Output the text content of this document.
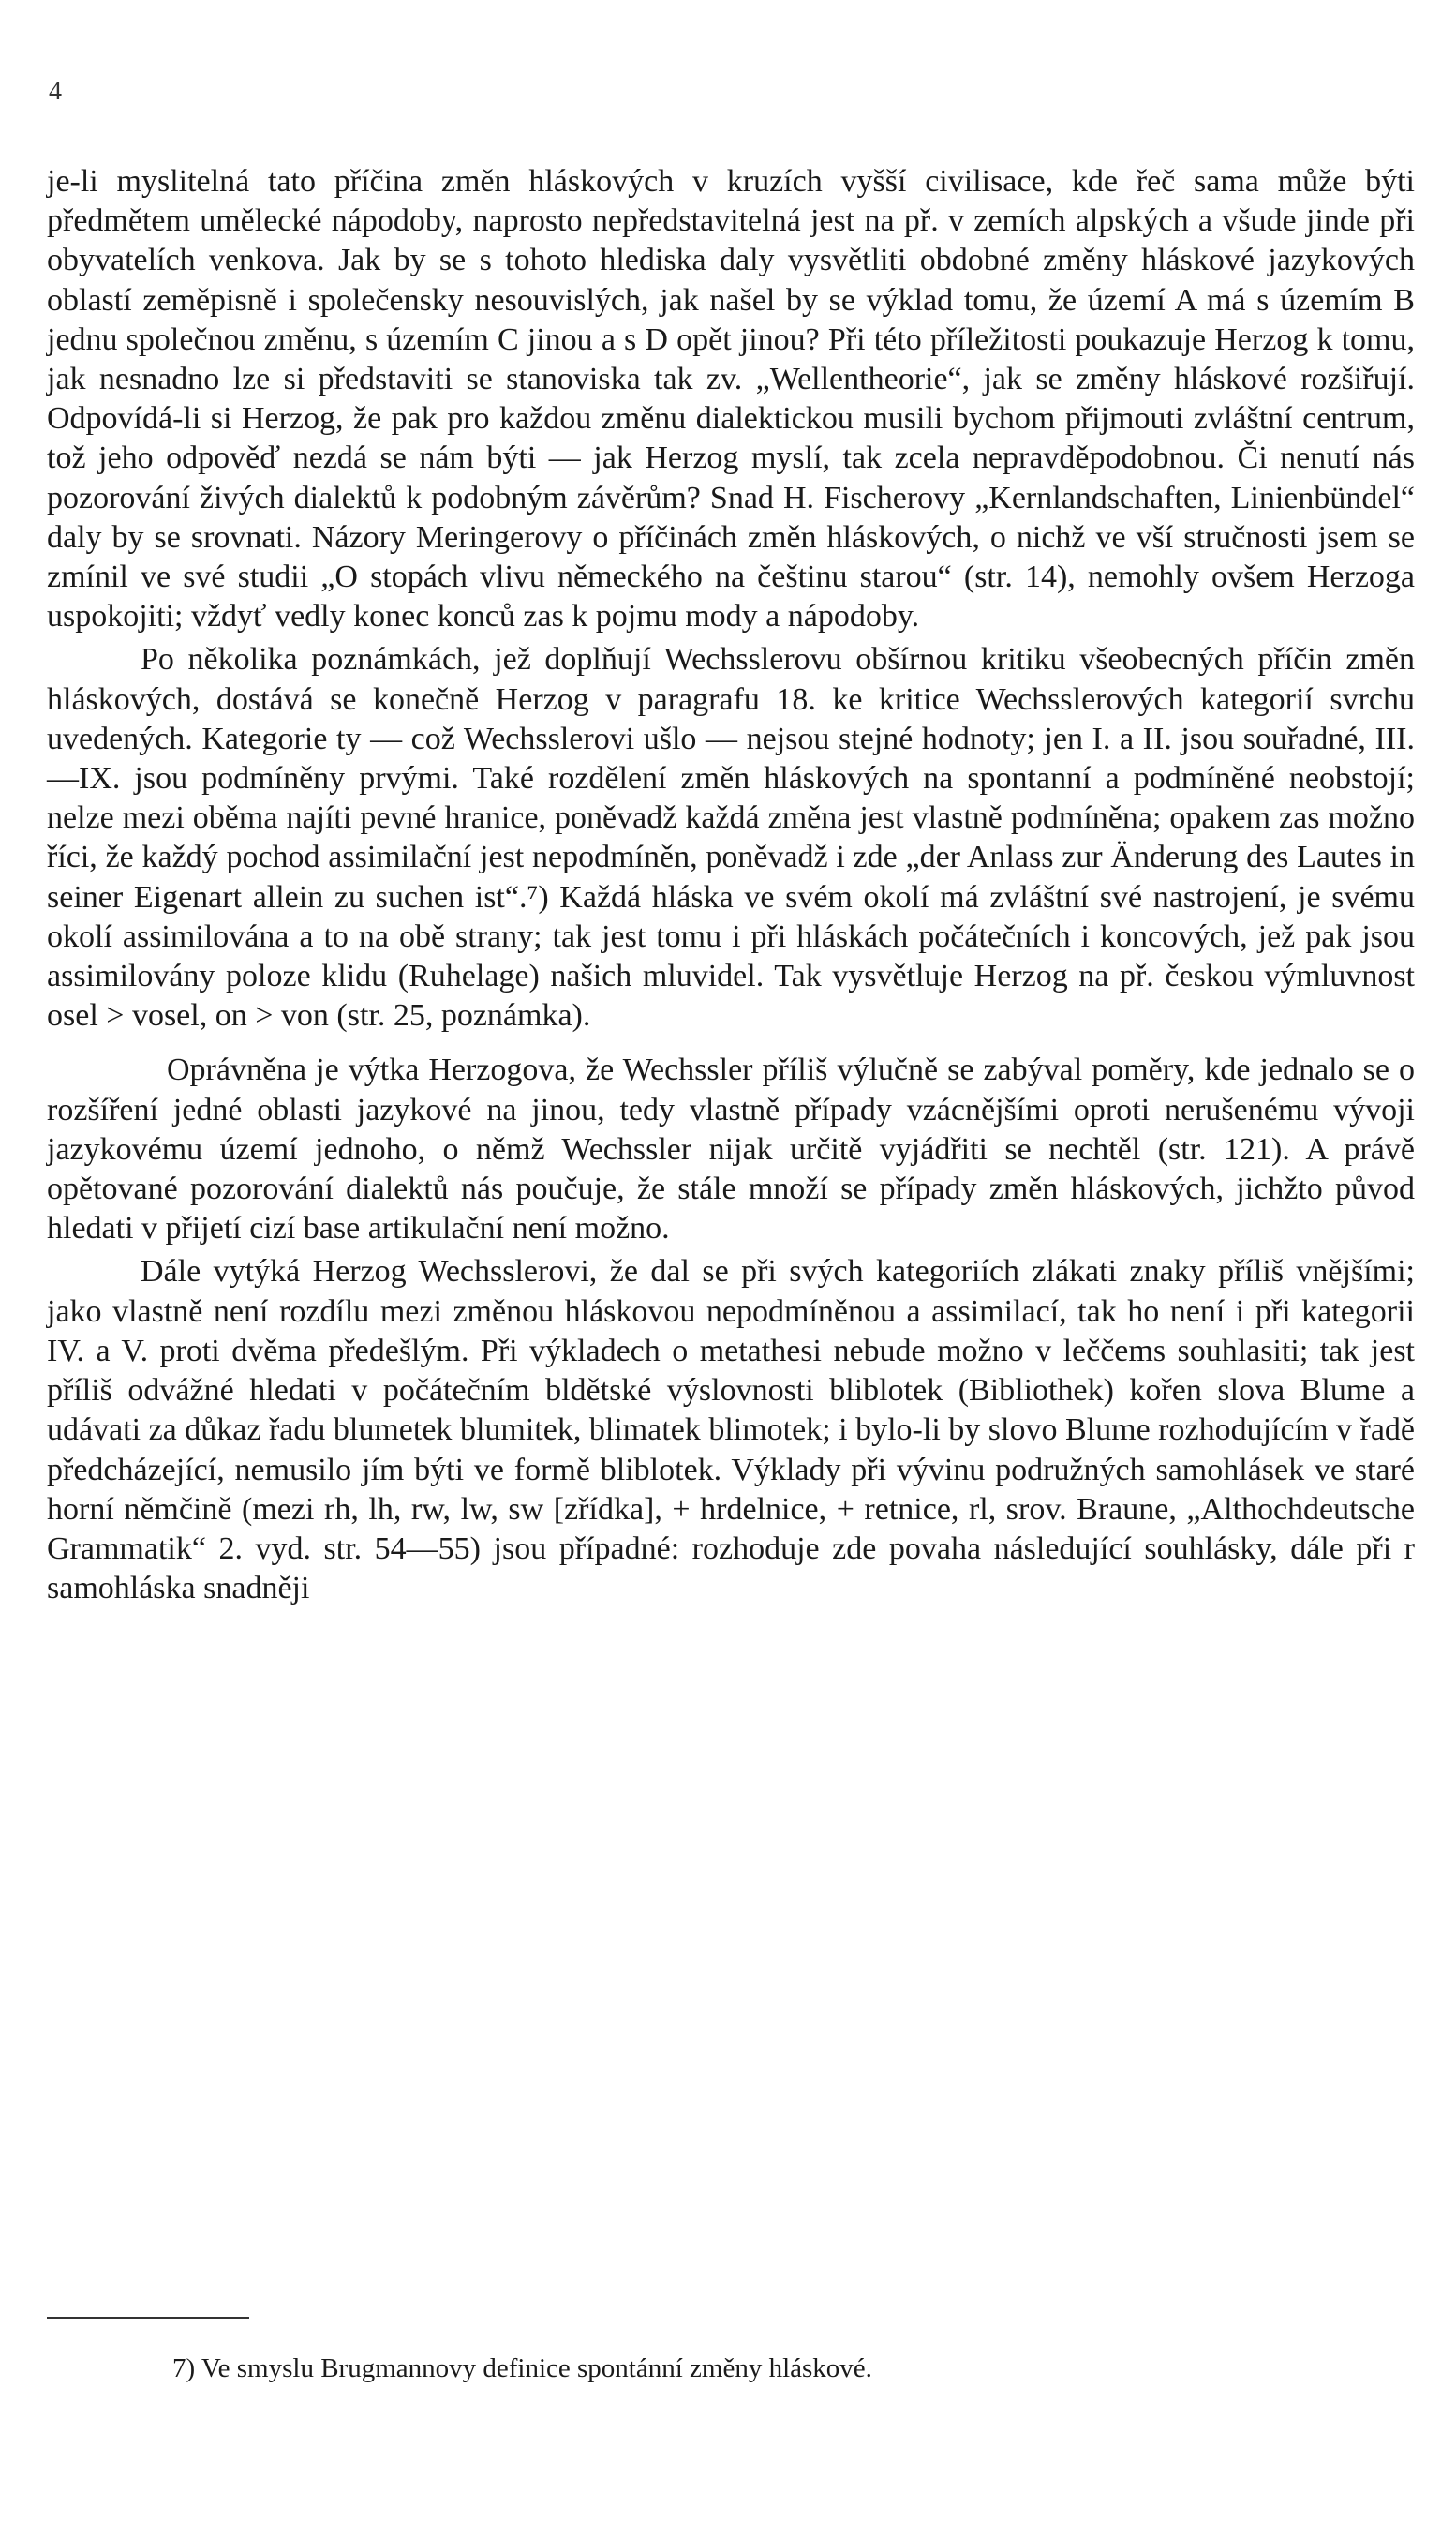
4

je-li myslitelná tato příčina změn hláskových v kruzích vyšší civilisace, kde řeč sama může býti předmětem umělecké nápodoby, naprosto nepředstavitelná jest na př. v zemích alpských a všude jinde při obyvatelích venkova. Jak by se s tohoto hlediska daly vysvětliti obdobné změny hláskové jazykových oblastí zeměpisně i společensky nesouvislých, jak našel by se výklad tomu, že území A má s územím B jednu společnou změnu, s územím C jinou a s D opět jinou? Při této příležitosti poukazuje Herzog k tomu, jak nesnadno lze si představiti se stanoviska tak zv. „Wellentheorie“, jak se změny hláskové rozšiřují. Odpovídá-li si Herzog, že pak pro každou změnu dialektickou musili bychom přijmouti zvláštní centrum, tož jeho odpověď nezdá se nám býti — jak Herzog myslí, tak zcela nepravděpodobnou. Či nenutí nás pozorování živých dialektů k podobným závěrům? Snad H. Fischerovy „Kernlandschaften, Linienbündel“ daly by se srovnati. Názory Meringerovy o příčinách změn hláskových, o nichž ve vší stručnosti jsem se zmínil ve své studii „O stopách vlivu německého na češtinu starou“ (str. 14), nemohly ovšem Herzoga uspokojiti; vždyť vedly konec konců zas k pojmu mody a nápodoby.

Po několika poznámkách, jež doplňují Wechsslerovu obšírnou kritiku všeobecných příčin změn hláskových, dostává se konečně Herzog v paragrafu 18. ke kritice Wechsslerových kategorií svrchu uvedených. Kategorie ty — což Wechsslerovi ušlo — nejsou stejné hodnoty; jen I. a II. jsou souřadné, III.—IX. jsou podmíněny prvými. Také rozdělení změn hláskových na spontanní a podmíněné neobstojí; nelze mezi oběma najíti pevné hranice, poněvadž každá změna jest vlastně podmíněna; opakem zas možno říci, že každý pochod assimilační jest nepodmíněn, poněvadž i zde „der Anlass zur Änderung des Lautes in seiner Eigenart allein zu suchen ist“.⁷) Každá hláska ve svém okolí má zvláštní své nastrojení, je svému okolí assimilována a to na obě strany; tak jest tomu i při hláskách počátečních i koncových, jež pak jsou assimilovány poloze klidu (Ruhelage) našich mluvidel. Tak vysvětluje Herzog na př. českou výmluvnost osel > vosel, on > von (str. 25, poznámka).

Oprávněna je výtka Herzogova, že Wechssler příliš výlučně se zabýval poměry, kde jednalo se o rozšíření jedné oblasti jazykové na jinou, tedy vlastně případy vzácnějšími oproti nerušenému vývoji jazykovému území jednoho, o němž Wechssler nijak určitě vyjádřiti se nechtěl (str. 121). A právě opětované pozorování dialektů nás poučuje, že stále množí se případy změn hláskových, jichžto původ hledati v přijetí cizí base artikulační není možno.

Dále vytýká Herzog Wechsslerovi, že dal se při svých kategoriích zlákati znaky příliš vnějšími; jako vlastně není rozdílu mezi změnou hláskovou nepodmíněnou a assimilací, tak ho není i při kategorii IV. a V. proti dvěma předešlým. Při výkladech o metathesi nebude možno v leččems souhlasiti; tak jest příliš odvážné hledati v počátečním bldětské výslovnosti bliblotek (Bibliothek) kořen slova Blume a udávati za důkaz řadu blumetek blumitek, blimatek blimotek; i bylo-li by slovo Blume rozhodujícím v řadě předcházející, nemusilo jím býti ve formě bliblotek. Výklady při vývinu podružných samohlásek ve staré horní němčině (mezi rh, lh, rw, lw, sw [zřídka], + hrdelnice, + retnice, rl, srov. Braune, „Althochdeutsche Grammatik“ 2. vyd. str. 54—55) jsou případné: rozhoduje zde povaha následující souhlásky, dále při r samohláska snadněji

7) Ve smyslu Brugmannovy definice spontánní změny hláskové.
